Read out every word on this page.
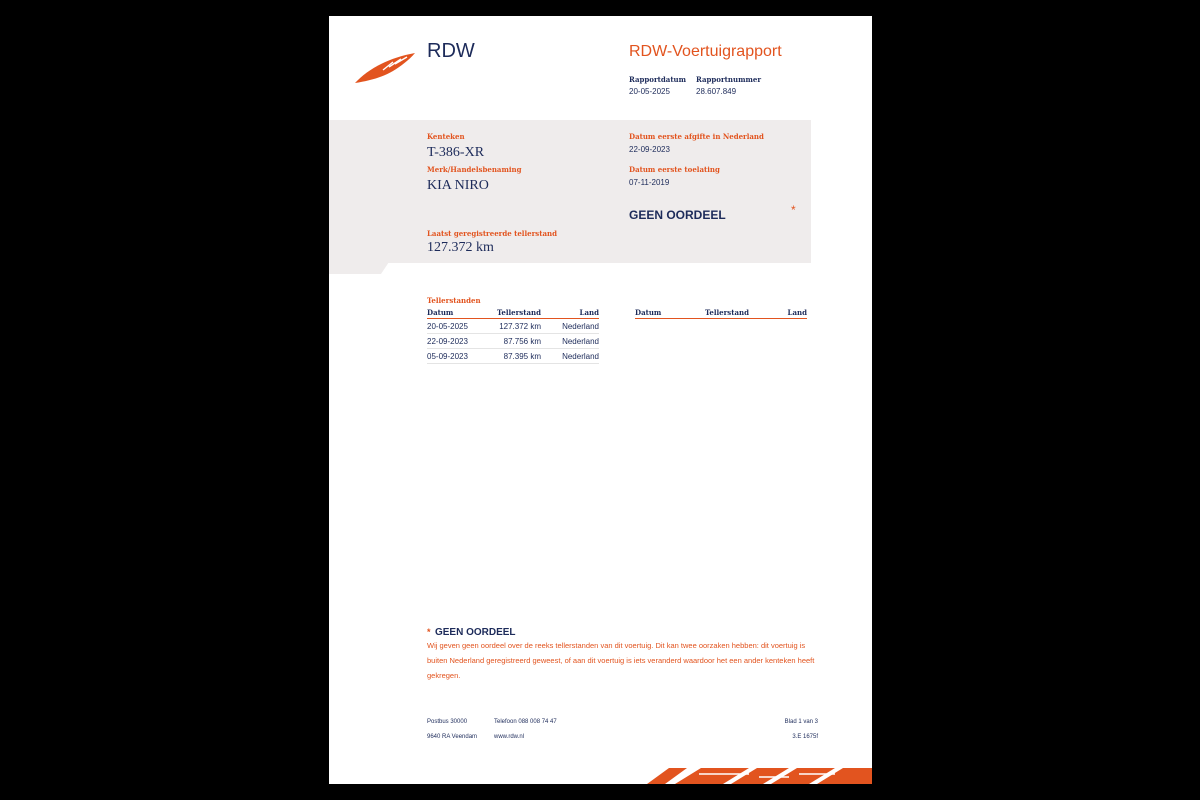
RDW	RDW-Voertuigrapport
Rapportdatum
20-05-2025
Rapportnummer
28.607.849
Kenteken
T-386-XR
Merk/Handelsbenaming
KIA NIRO
Datum eerste afgifte in Nederland
22-09-2023
Datum eerste toelating
07-11-2019
GEEN OORDEEL	*
Laatst geregistreerde tellerstand
127.372 km
Tellerstanden
Datum	Tellerstand	Land
20-05-2025	127.372 km	Nederland
22-09-2023	87.756 km	Nederland
05-09-2023	87.395 km	Nederland
Datum	Tellerstand	Land
* GEEN OORDEEL
Wij geven geen oordeel over de reeks tellerstanden van dit voertuig. Dit kan twee oorzaken hebben: dit voertuig is buiten Nederland geregistreerd geweest, of aan dit voertuig is iets veranderd waardoor het een ander kenteken heeft gekregen.
Postbus 30000
9640 RA Veendam
Telefoon 088 008 74 47
www.rdw.nl
Blad 1 van 3
3.E 1675f
